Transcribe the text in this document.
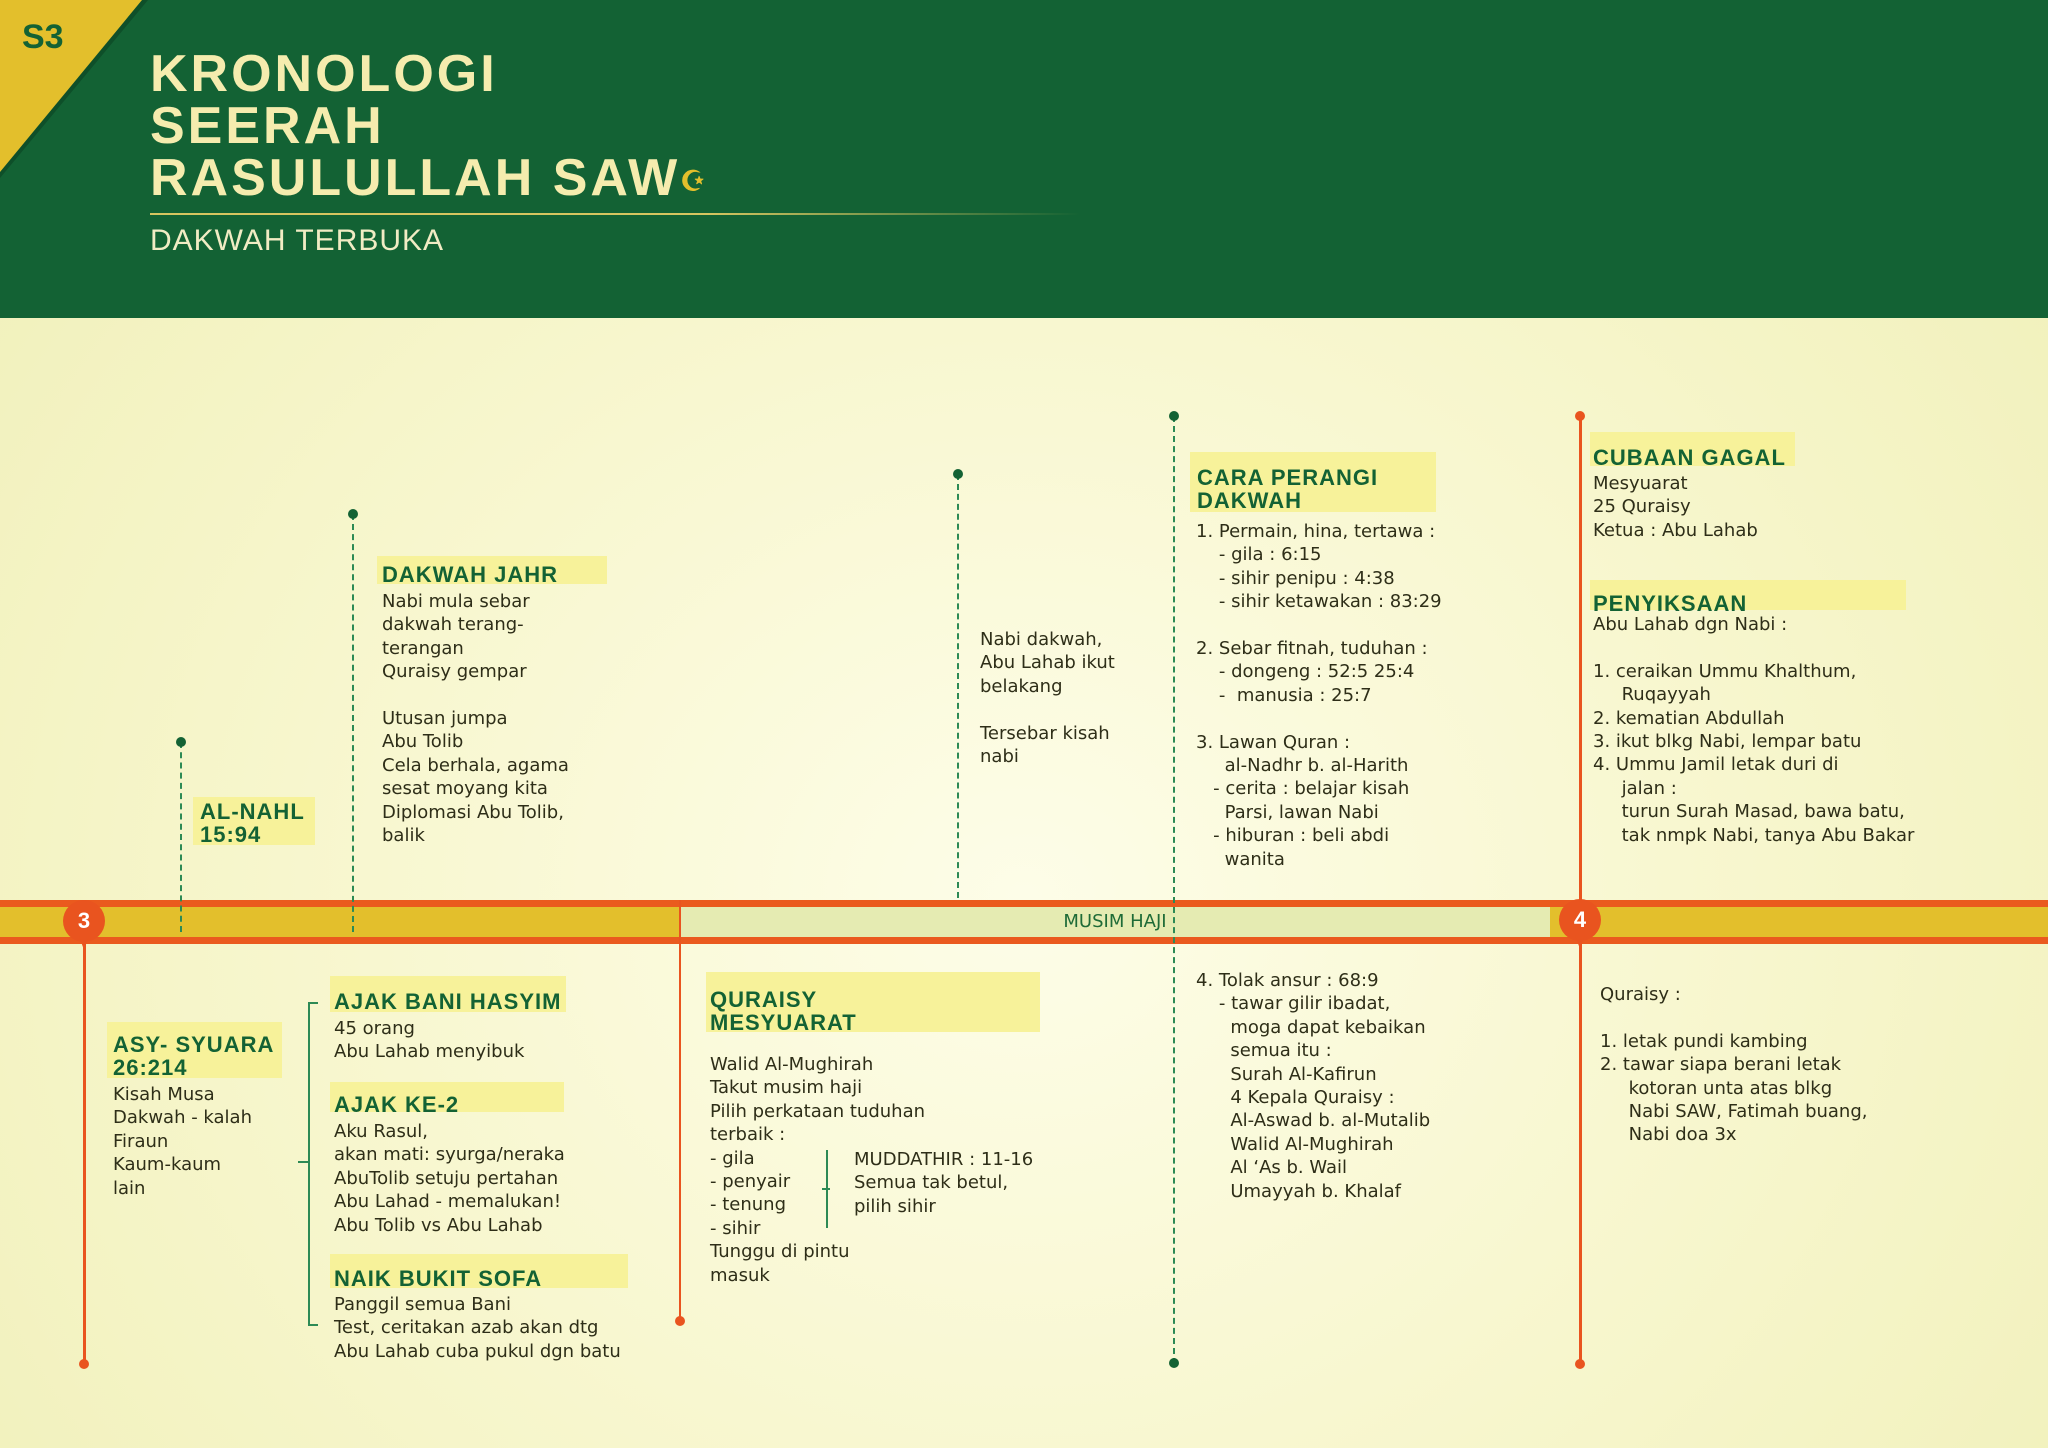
S3
KRONOLOGI
SEERAH
RASULULLAH SAW☪
DAKWAH TERBUKA
MUSIM HAJI
3	4
AL-NAHL
15:94
DAKWAH JAHR
Nabi mula sebar
dakwah terang-
terangan
Quraisy gempar

Utusan jumpa
Abu Tolib
Cela berhala, agama
sesat moyang kita
Diplomasi Abu Tolib,
balik
Nabi dakwah,
Abu Lahab ikut
belakang

Tersebar kisah
nabi
CARA PERANGI
DAKWAH
1. Permain, hina, tertawa :
- gila : 6:15
- sihir penipu : 4:38
- sihir ketawakan : 83:29

2. Sebar fitnah, tuduhan :
- dongeng : 52:5 25:4
-  manusia : 25:7

3. Lawan Quran :
al-Nadhr b. al-Harith
- cerita : belajar kisah
Parsi, lawan Nabi
- hiburan : beli abdi
wanita
CUBAAN GAGAL
Mesyuarat
25 Quraisy
Ketua : Abu Lahab
PENYIKSAAN
Abu Lahab dgn Nabi :

1. ceraikan Ummu Khalthum,
Ruqayyah
2. kematian Abdullah
3. ikut blkg Nabi, lempar batu
4. Ummu Jamil letak duri di
jalan :
turun Surah Masad, bawa batu,
tak nmpk Nabi, tanya Abu Bakar
ASY- SYUARA
26:214
Kisah Musa
Dakwah - kalah
Firaun
Kaum-kaum
lain
AJAK BANI HASYIM
45 orang
Abu Lahab menyibuk
AJAK KE-2
Aku Rasul,
akan mati: syurga/neraka
AbuTolib setuju pertahan
Abu Lahad - memalukan!
Abu Tolib vs Abu Lahab
NAIK BUKIT SOFA
Panggil semua Bani
Test, ceritakan azab akan dtg
Abu Lahab cuba pukul dgn batu
QURAISY
MESYUARAT
Walid Al-Mughirah
Takut musim haji
Pilih perkataan tuduhan
terbaik :
- gila
- penyair
- tenung
- sihir
Tunggu di pintu
masuk
MUDDATHIR : 11-16
Semua tak betul,
pilih sihir
4. Tolak ansur : 68:9
- tawar gilir ibadat,
moga dapat kebaikan
semua itu :
Surah Al-Kafirun
4 Kepala Quraisy :
Al-Aswad b. al-Mutalib
Walid Al-Mughirah
Al ‘As b. Wail
Umayyah b. Khalaf
Quraisy :

1. letak pundi kambing
2. tawar siapa berani letak
kotoran unta atas blkg
Nabi SAW, Fatimah buang,
Nabi doa 3x
